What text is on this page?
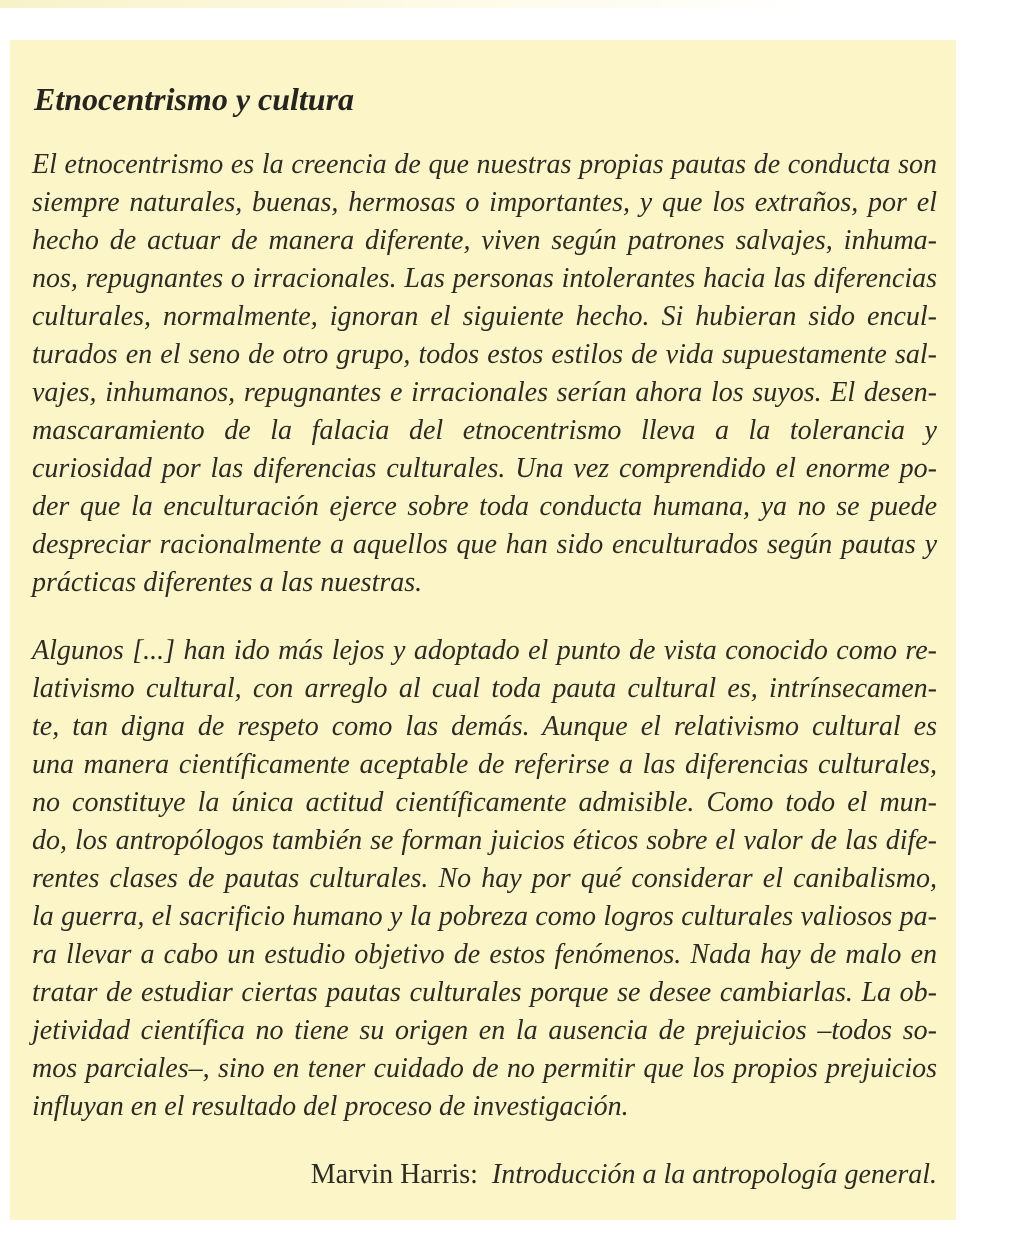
Etnocentrismo y cultura
El etnocentrismo es la creencia de que nuestras propias pautas de conducta son
siempre naturales, buenas, hermosas o importantes, y que los extraños, por el
hecho de actuar de manera diferente, viven según patrones salvajes, inhuma-
nos, repugnantes o irracionales. Las personas intolerantes hacia las diferencias
culturales, normalmente, ignoran el siguiente hecho. Si hubieran sido encul-
turados en el seno de otro grupo, todos estos estilos de vida supuestamente sal-
vajes, inhumanos, repugnantes e irracionales serían ahora los suyos. El desen-
mascaramiento de la falacia del etnocentrismo lleva a la tolerancia y
curiosidad por las diferencias culturales. Una vez comprendido el enorme po-
der que la enculturación ejerce sobre toda conducta humana, ya no se puede
despreciar racionalmente a aquellos que han sido enculturados según pautas y
prácticas diferentes a las nuestras.
Algunos [...] han ido más lejos y adoptado el punto de vista conocido como re-
lativismo cultural, con arreglo al cual toda pauta cultural es, intrínsecamen-
te, tan digna de respeto como las demás. Aunque el relativismo cultural es
una manera científicamente aceptable de referirse a las diferencias culturales,
no constituye la única actitud científicamente admisible. Como todo el mun-
do, los antropólogos también se forman juicios éticos sobre el valor de las dife-
rentes clases de pautas culturales. No hay por qué considerar el canibalismo,
la guerra, el sacrificio humano y la pobreza como logros culturales valiosos pa-
ra llevar a cabo un estudio objetivo de estos fenómenos. Nada hay de malo en
tratar de estudiar ciertas pautas culturales porque se desee cambiarlas. La ob-
jetividad científica no tiene su origen en la ausencia de prejuicios –todos so-
mos parciales–, sino en tener cuidado de no permitir que los propios prejuicios
influyan en el resultado del proceso de investigación.
Marvin Harris: Introducción a la antropología general.
